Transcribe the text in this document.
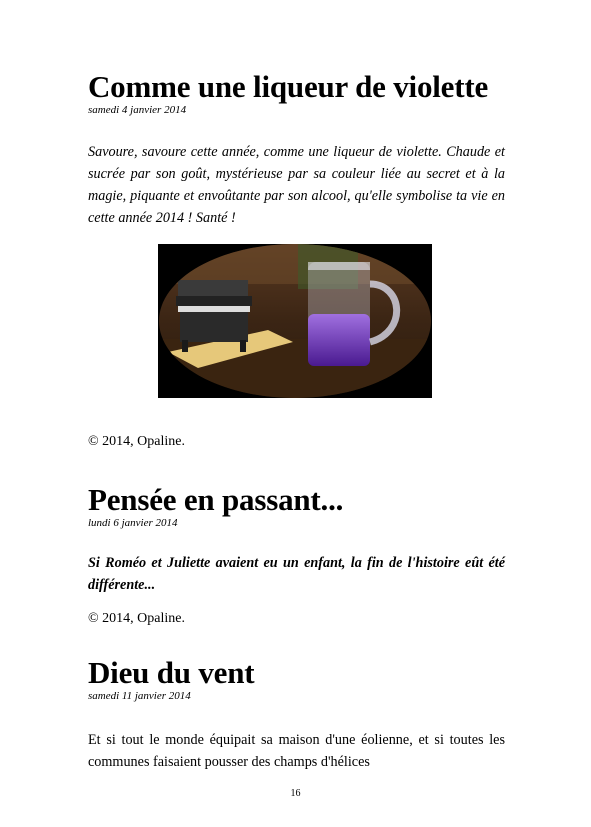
Comme une liqueur de violette

samedi 4 janvier 2014

Savoure, savoure cette année, comme une liqueur de violette. Chaude et sucrée par son goût, mystérieuse par sa couleur liée au secret et à la magie, piquante et envoûtante par son alcool, qu'elle symbolise ta vie en cette année 2014 ! Santé !

© 2014, Opaline.

Pensée en passant...

lundi 6 janvier 2014

Si Roméo et Juliette avaient eu un enfant, la fin de l'histoire eût été différente...

© 2014, Opaline.

Dieu du vent

samedi 11 janvier 2014

Et si tout le monde équipait sa maison d'une éolienne, et si toutes les communes faisaient pousser des champs d'hélices

16
